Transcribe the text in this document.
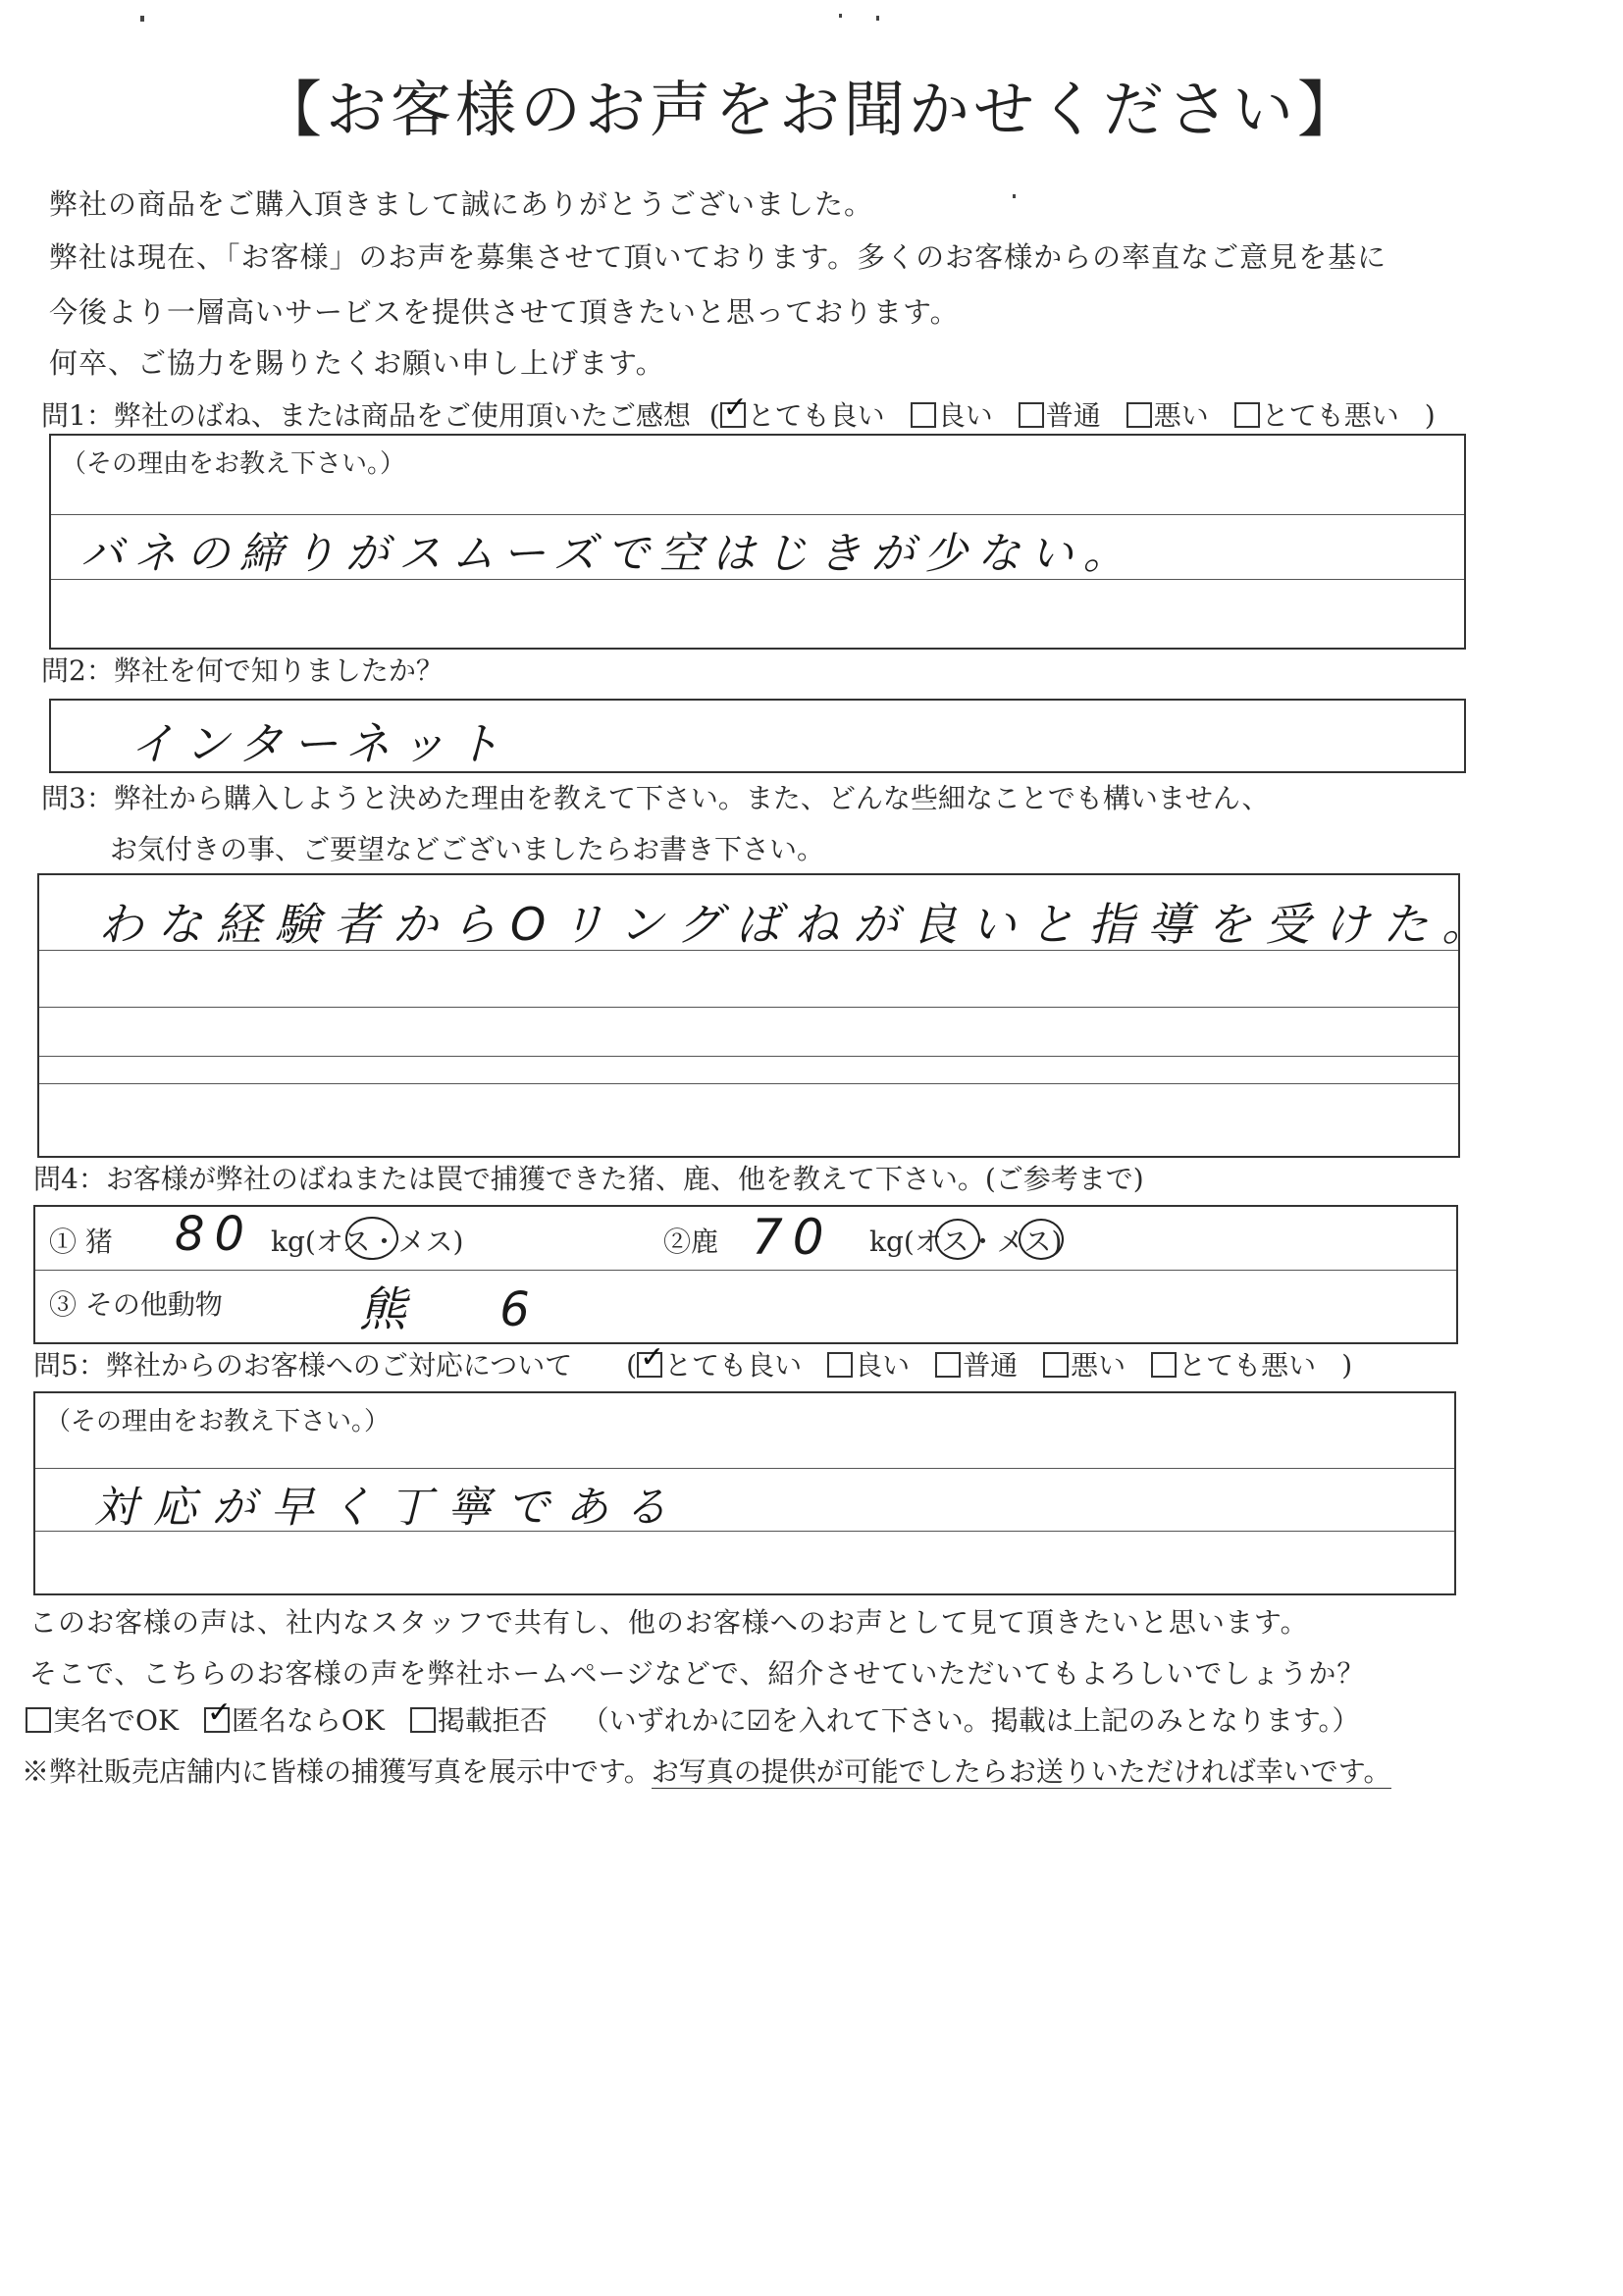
【お客様のお声をお聞かせください】
弊社の商品をご購入頂きまして誠にありがとうございました。
弊社は現在、「お客様」のお声を募集させて頂いております。多くのお客様からの率直なご意見を基に
今後より一層高いサービスを提供させて頂きたいと思っております。
何卒、ご協力を賜りたくお願い申し上げます。
問1：弊社のばね、または商品をご使用頂いたご感想 ( ✓ とても良い 良い 普通 悪い とても悪い )
（その理由をお教え下さい。）
バネの締りがスムーズで空はじきが少ない。
問2：弊社を何で知りましたか？
インターネット
問3：弊社から購入しようと決めた理由を教えて下さい。また、どんな些細なことでも構いません、
お気付きの事、ご要望などございましたらお書き下さい。
わな経験者からOリングばねが良いと指導を受けた。
問4：お客様が弊社のばねまたは罠で捕獲できた猪、鹿、他を教えて下さい。(ご参考まで)
① 猪 80 kg(オス・メス)	②鹿 70 kg(オス・メス)
③ その他動物	熊 6
問5：弊社からのお客様へのご対応について ( ✓ とても良い 良い 普通 悪い とても悪い )
（その理由をお教え下さい。）
対応が早く丁寧である
このお客様の声は、社内なスタッフで共有し、他のお客様へのお声として見て頂きたいと思います。
そこで、こちらのお客様の声を弊社ホームページなどで、紹介させていただいてもよろしいでしょうか？
実名でOK ✓ 匿名ならOK 掲載拒否 （いずれかに☑を入れて下さい。掲載は上記のみとなります。）
※弊社販売店舗内に皆様の捕獲写真を展示中です。お写真の提供が可能でしたらお送りいただければ幸いです。
